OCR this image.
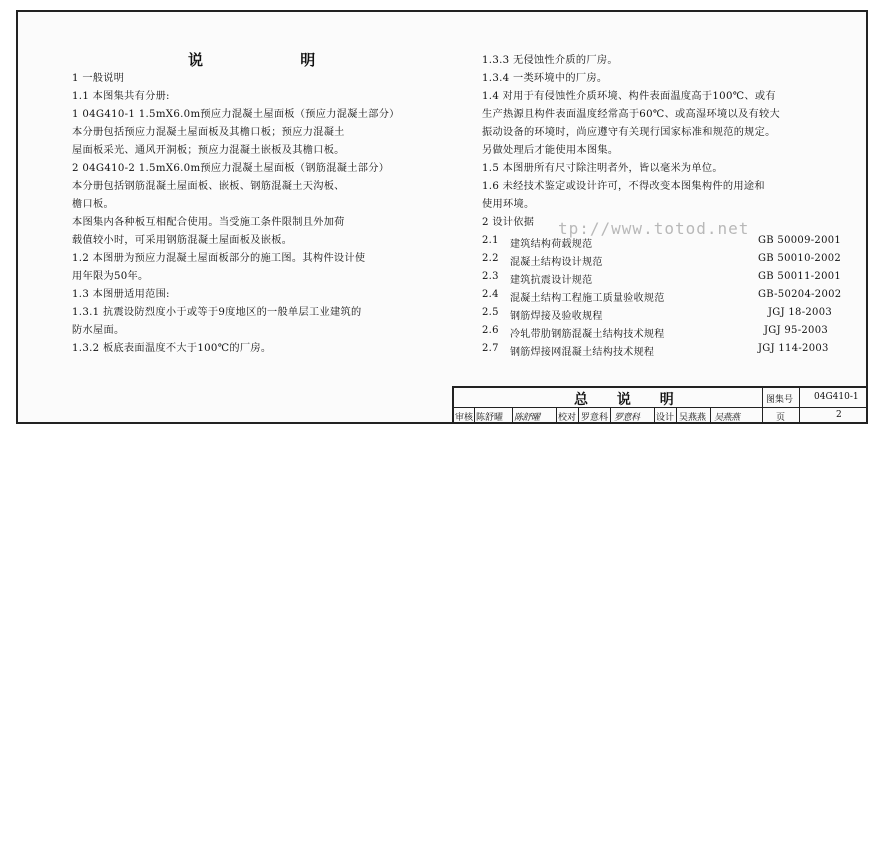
说 明
1 一般说明
1.1 本图集共有分册:
1 04G410-1 1.5mX6.0m预应力混凝土屋面板（预应力混凝土部分）
本分册包括预应力混凝土屋面板及其檐口板；预应力混凝土
屋面板采光、通风开洞板；预应力混凝土嵌板及其檐口板。
2 04G410-2 1.5mX6.0m预应力混凝土屋面板（钢筋混凝土部分）
本分册包括钢筋混凝土屋面板、嵌板、钢筋混凝土天沟板、
檐口板。
本图集内各种板互相配合使用。当受施工条件限制且外加荷
载值较小时，可采用钢筋混凝土屋面板及嵌板。
1.2 本图册为预应力混凝土屋面板部分的施工图。其构件设计使
用年限为50年。
1.3 本图册适用范围:
1.3.1 抗震设防烈度小于或等于9度地区的一般单层工业建筑的
防水屋面。
1.3.2 板底表面温度不大于100℃的厂房。
1.3.3 无侵蚀性介质的厂房。
1.3.4 一类环境中的厂房。
1.4 对用于有侵蚀性介质环境、构件表面温度高于100℃、或有
生产热源且构件表面温度经常高于60℃、或高湿环境以及有较大
振动设备的环境时，尚应遵守有关现行国家标准和规范的规定。
另做处理后才能使用本图集。
1.5 本图册所有尺寸除注明者外，皆以毫米为单位。
1.6 未经技术鉴定或设计许可，不得改变本图集构件的用途和
使用环境。
2 设计依据
2.1 建筑结构荷载规范	GB 50009-2001
2.2 混凝土结构设计规范	GB 50010-2002
2.3 建筑抗震设计规范	GB 50011-2001
2.4 混凝土结构工程施工质量验收规范	GB-50204-2002
2.5 钢筋焊接及验收规程	JGJ 18-2003
2.6 冷轧带肋钢筋混凝土结构技术规程	JGJ 95-2003
2.7 钢筋焊接网混凝土结构技术规程	JGJ 114-2003
tp://www.totod.net
总 说 明	图集号 04G410-1
审核 陈舒曜 陈舒曜 校对 罗意科 罗意科 设计 吴燕燕 吴燕燕	页	2
